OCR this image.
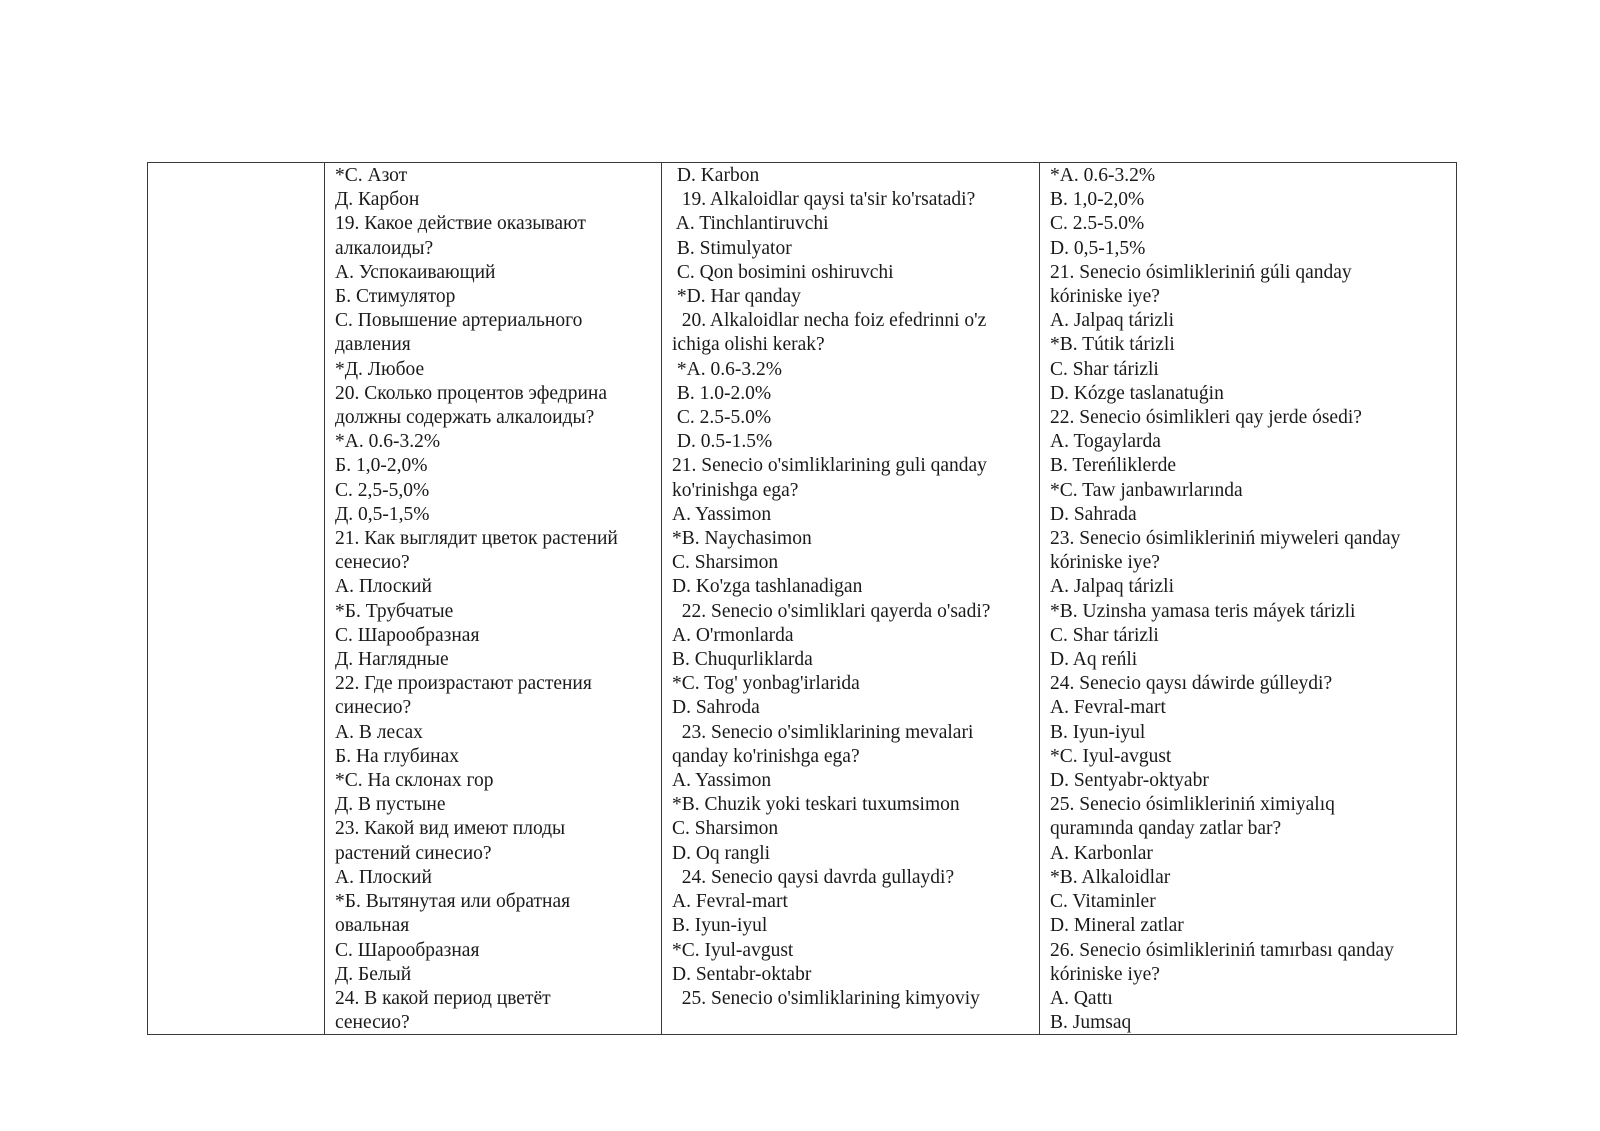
*С. Азот
Д. Карбон
19. Какое действие оказывают
алкалоиды?
А. Успокаивающий
Б. Стимулятор
С. Повышение артериального
давления
*Д. Любое
20. Сколько процентов эфедрина
должны содержать алкалоиды?
*А. 0.6-3.2%
Б. 1,0-2,0%
С. 2,5-5,0%
Д. 0,5-1,5%
21. Как выглядит цветок растений
сенесио?
А. Плоский
*Б. Трубчатые
С. Шарообразная
Д. Наглядные
22. Где произрастают растения
синесио?
А. В лесах
Б. На глубинах
*С. На склонах гор
Д. В пустыне
23. Какой вид имеют плоды
растений синесио?
А. Плоский
*Б. Вытянутая или обратная
овальная
С. Шарообразная
Д. Белый
24. В какой период цветёт
сенесио?
D. Karbon
19. Alkaloidlar qaysi ta'sir ko'rsatadi?
A. Tinchlantiruvchi
B. Stimulyator
C. Qon bosimini oshiruvchi
*D. Har qanday
20. Alkaloidlar necha foiz efedrinni o'z
ichiga olishi kerak?
*A. 0.6-3.2%
B. 1.0-2.0%
C. 2.5-5.0%
D. 0.5-1.5%
21. Senecio o'simliklarining guli qanday
ko'rinishga ega?
A. Yassimon
*B. Naychasimon
C. Sharsimon
D. Ko'zga tashlanadigan
22. Senecio o'simliklari qayerda o'sadi?
A. O'rmonlarda
B. Chuqurliklarda
*C. Tog' yonbag'irlarida
D. Sahroda
23. Senecio o'simliklarining mevalari
qanday ko'rinishga ega?
A. Yassimon
*B. Chuzik yoki teskari tuxumsimon
C. Sharsimon
D. Oq rangli
24. Senecio qaysi davrda gullaydi?
A. Fevral-mart
B. Iyun-iyul
*C. Iyul-avgust
D. Sentabr-oktabr
25. Senecio o'simliklarining kimyoviy
*A. 0.6-3.2%
B. 1,0-2,0%
C. 2.5-5.0%
D. 0,5-1,5%
21. Senecio ósimlikleriniń gúli qanday
kóriniske iye?
A. Jalpaq tárizli
*B. Tútik tárizli
C. Shar tárizli
D. Kózge taslanatuǵin
22. Senecio ósimlikleri qay jerde ósedi?
A. Togaylarda
B. Tereńliklerde
*C. Taw janbawırlarında
D. Sahrada
23. Senecio ósimlikleriniń miyweleri qanday
kóriniske iye?
A. Jalpaq tárizli
*B. Uzinsha yamasa teris máyek tárizli
C. Shar tárizli
D. Aq reńli
24. Senecio qaysı dáwirde gúlleydi?
A. Fevral-mart
B. Iyun-iyul
*C. Iyul-avgust
D. Sentyabr-oktyabr
25. Senecio ósimlikleriniń ximiyalıq
quramında qanday zatlar bar?
A. Karbonlar
*B. Alkaloidlar
C. Vitaminler
D. Mineral zatlar
26. Senecio ósimlikleriniń tamırbası qanday
kóriniske iye?
A. Qattı
B. Jumsaq
